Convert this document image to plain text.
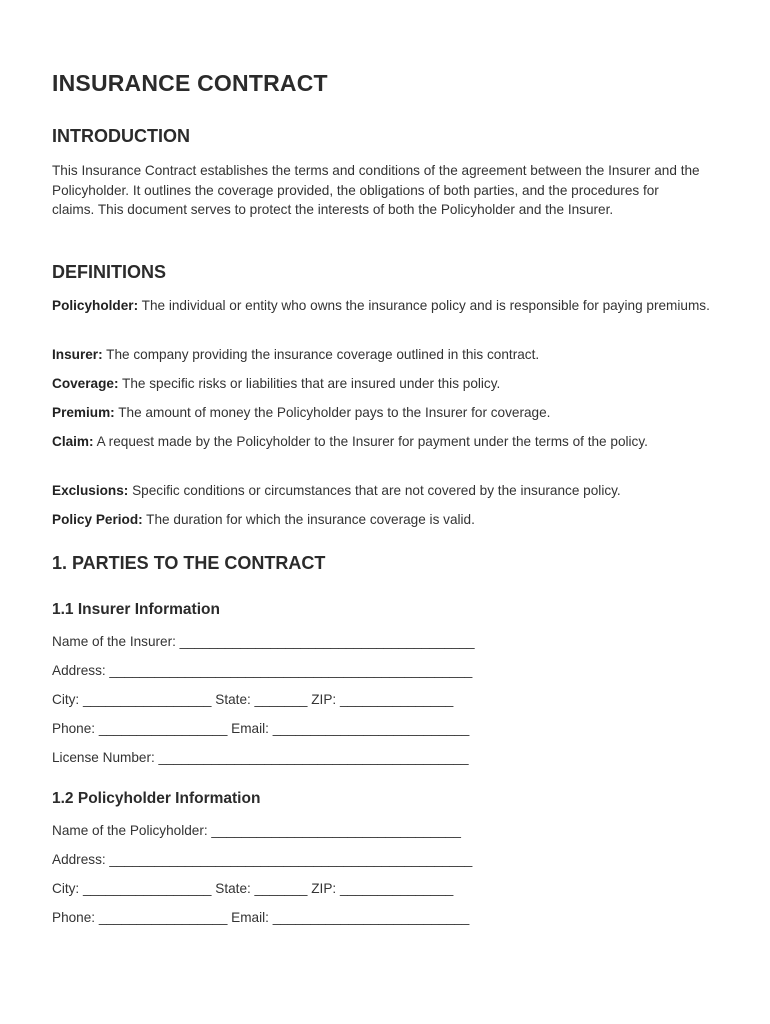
INSURANCE CONTRACT
INTRODUCTION

This Insurance Contract establishes the terms and conditions of the agreement between the Insurer and the Policyholder. It outlines the coverage provided, the obligations of both parties, and the procedures for claims. This document serves to protect the interests of both the Policyholder and the Insurer.

DEFINITIONS

Policyholder: The individual or entity who owns the insurance policy and is responsible for paying premiums.

Insurer: The company providing the insurance coverage outlined in this contract.

Coverage: The specific risks or liabilities that are insured under this policy.

Premium: The amount of money the Policyholder pays to the Insurer for coverage.

Claim: A request made by the Policyholder to the Insurer for payment under the terms of the policy.

Exclusions: Specific conditions or circumstances that are not covered by the insurance policy.

Policy Period: The duration for which the insurance coverage is valid.

1. PARTIES TO THE CONTRACT
1.1 Insurer Information

Name of the Insurer: _______________________________________

Address: ________________________________________________

City: _________________ State: _______ ZIP: _______________

Phone: _________________ Email: __________________________

License Number: _________________________________________

1.2 Policyholder Information

Name of the Policyholder: _________________________________

Address: ________________________________________________

City: _________________ State: _______ ZIP: _______________

Phone: _________________ Email: __________________________
